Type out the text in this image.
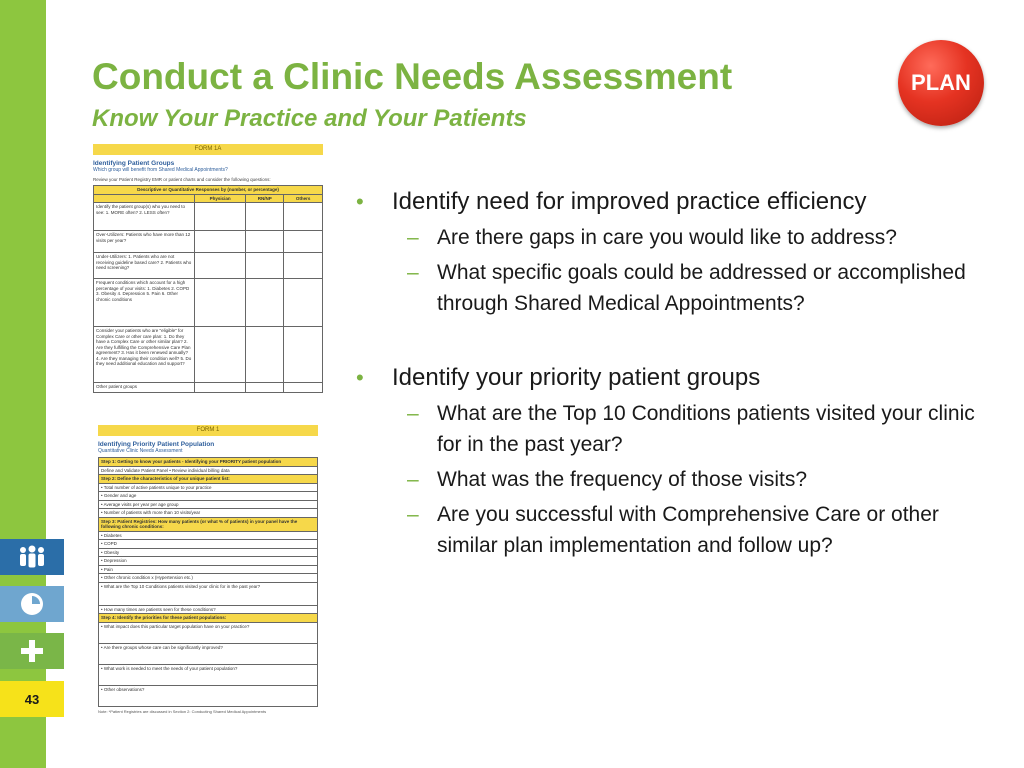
Conduct a Clinic Needs Assessment
Know Your Practice and Your Patients
PLAN
FORM 1A
Identifying Patient Groups
Which group will benefit from Shared Medical Appointments?
Review your Patient Registry EMR or patient charts and consider the following questions:
Descriptive or Quantitative Responses by (number, or percentage)			
	Physician	RN/NP	Others
Identify the patient group(s) who you need to see: 1. MORE often? 2. LESS often?			
Over-Utilizers: Patients who have more than 12 visits per year?			
Under-Utilizers: 1. Patients who are not receiving guideline based care? 2. Patients who need screening?			
Frequent conditions which account for a high percentage of your visits: 1. Diabetes 2. COPD 3. Obesity 4. Depression 5. Pain 6. Other chronic conditions			
Consider your patients who are "eligible" for Complex Care or other care plan: 1. Do they have a Complex Care or other similar plan? 2. Are they fulfilling the Comprehensive Care Plan agreement? 3. Has it been renewed annually? 4. Are they managing their condition well? 5. Do they need additional education and support?			
Other patient groups			
FORM 1
Identifying Priority Patient Population
Quantitative Clinic Needs Assessment
Step 1: Getting to know your patients - Identifying your PRIORITY patient population
Define and Validate Patient Panel • Review individual billing data
Step 2: Define the characteristics of your unique patient list:
• Total number of active patients unique to your practice
• Gender and age
• Average visits per year per age group
• Number of patients with more than 10 visits/year
Step 3: Patient Registries: How many patients (or what % of patients) in your panel have the following chronic conditions:
• Diabetes
• COPD
• Obesity
• Depression
• Pain
• Other chronic condition x (Hypertension etc.)
• What are the Top 10 Conditions patients visited your clinic for in the past year?
• How many times are patients seen for these conditions?
Step 4: Identify the priorities for these patient populations:
• What impact does this particular target population have on your practice?
• Are there groups whose care can be significantly improved?
• What work is needed to meet the needs of your patient population?
• Other observations?
Note: *Patient Registries are discussed in Section 2: Conducting Shared Medical Appointments
43
• Identify need for improved practice efficiency
– Are there gaps in care you would like to address?
– What specific goals could be addressed or accomplished through Shared Medical Appointments?
• Identify your priority patient groups
– What are the Top 10 Conditions patients visited your clinic for in the past year?
– What was the frequency of those visits?
– Are you successful with Comprehensive Care or other similar plan implementation and follow up?
